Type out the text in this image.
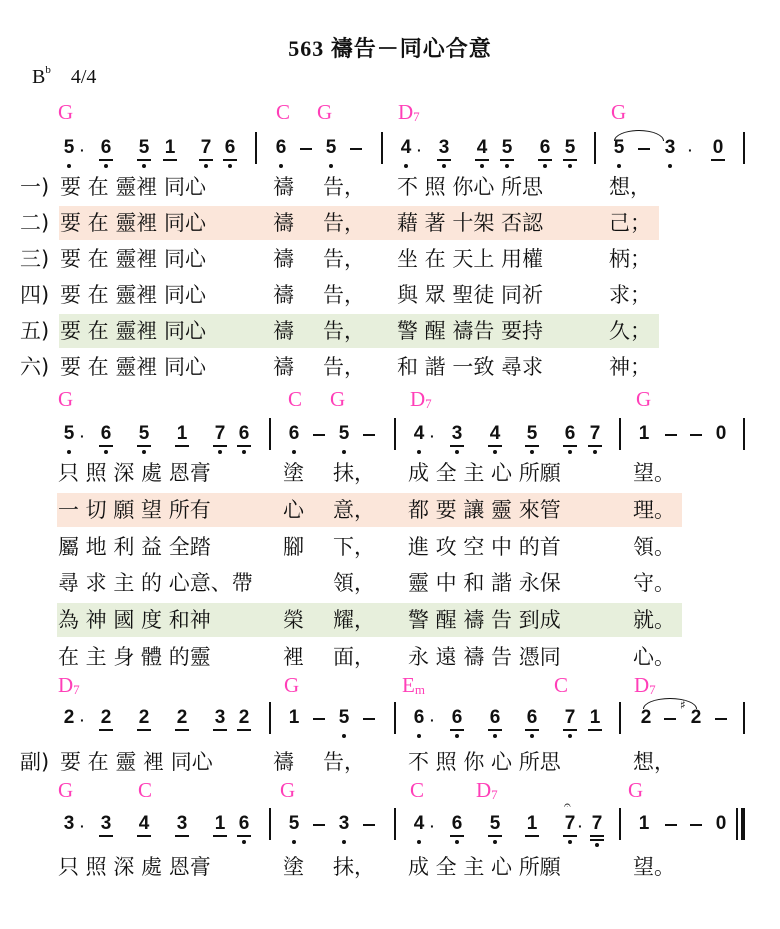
563 禱告－同心合意
$B^b$ 4/4
G	C G	$D_7$	G
5 · 6 5 1 7 6 6 5	4 · 3 4 5 6 5 5 3 · 0
一) 要 在 靈裡 同心	禱 告， 不 照 你心 所思	想，
二) 要 在 靈裡 同心	禱 告， 藉 著 十架 否認	己；
三) 要 在 靈裡 同心	禱 告， 坐 在 天上 用權	柄；
四) 要 在 靈裡 同心	禱 告， 與 眾 聖徒 同祈	求；
五) 要 在 靈裡 同心	禱 告， 警 醒 禱告 要持	久；
六) 要 在 靈裡 同心	禱 告， 和 諧 一致 尋求	神；
G	C G	$D_7$	G
5 · 6 5 1 7 6 6 5	4 · 3 4 5 6 7 1	0
只 照 深 處 恩膏	塗 抹， 成 全 主 心 所願	望。
一 切 願 望 所有	心 意， 都 要 讓 靈 來管	理。
屬 地 利 益 全踏	腳 下， 進 攻 空 中 的首	領。
尋 求 主 的 心意、帶	領， 靈 中 和 諧 永保	守。
為 神 國 度 和神	榮 耀， 警 醒 禱 告 到成	就。
在 主 身 體 的靈	裡 面， 永 遠 禱 告 憑同	心。
$D_7$	G	$E_m$	C	$D_7$
2 · 2 2 2 3 2 1 5	6 · 6 6 6 7 1 2
♯
2
副) 要 在 靈 裡 同心	禱 告， 不 照 你 心 所思	想，
G	C	G	C $D_7$	G
3 · 3 4 3 1 6 5 3	4 · 6 5 1
𝄐
7 · 7 1	0
只 照 深 處 恩膏	塗 抹， 成 全 主 心 所願	望。
